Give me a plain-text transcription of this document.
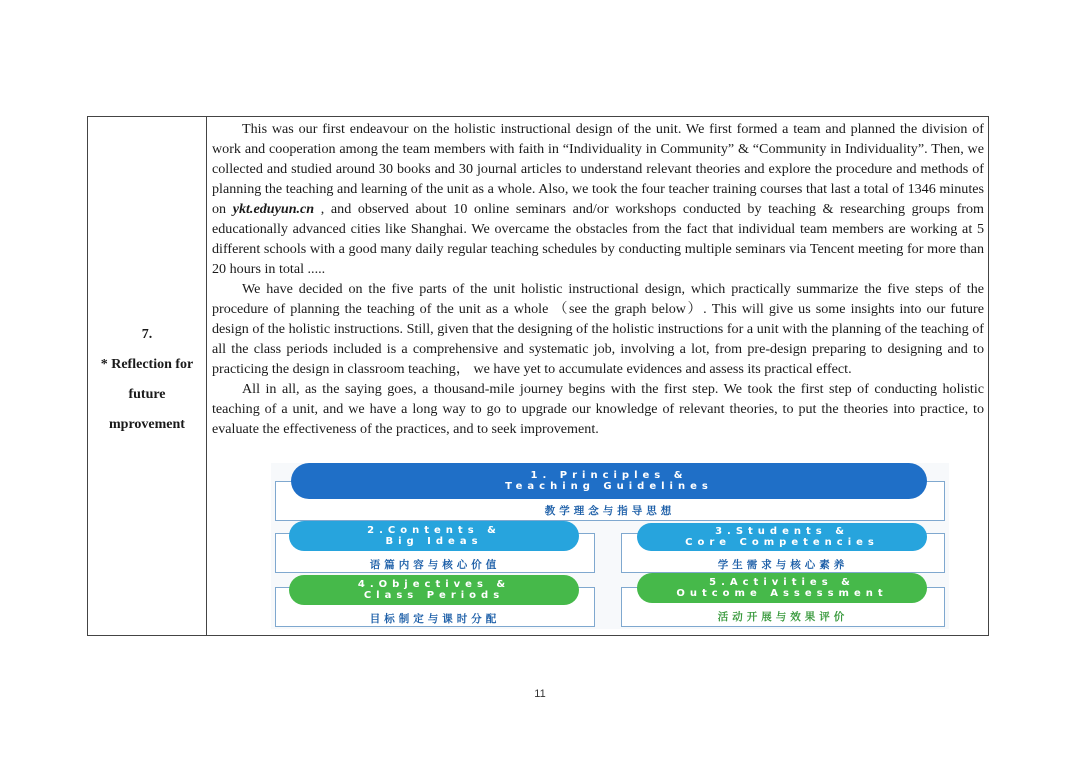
7.
* Reflection for
future
mprovement

This was our first endeavour on the holistic instructional design of the unit. We first formed a team and planned the division of work and cooperation among the team members with faith in “Individuality in Community” & “Community in Individuality”. Then, we collected and studied around 30 books and 30 journal articles to understand relevant theories and explore the procedure and methods of planning the teaching and learning of the unit as a whole. Also, we took the four teacher training courses that last a total of 1346 minutes on ykt.eduyun.cn , and observed about 10 online seminars and/or workshops conducted by teaching & researching groups from educationally advanced cities like Shanghai. We overcame the obstacles from the fact that individual team members are working at 5 different schools with a good many daily regular teaching schedules by conducting multiple seminars via Tencent meeting for more than 20 hours in total .....

We have decided on the five parts of the unit holistic instructional design, which practically summarize the five steps of the procedure of planning the teaching of the unit as a whole （see the graph below）. This will give us some insights into our future design of the holistic instructions. Still, given that the designing of the holistic instructions for a unit with the planning of the teaching of all the class periods included is a comprehensive and systematic job, involving a lot, from pre-design preparing to designing and to practicing the design in classroom teaching， we have yet to accumulate evidences and assess its practical effect.

All in all, as the saying goes, a thousand-mile journey begins with the first step. We took the first step of conducting holistic teaching of a unit, and we have a long way to go to upgrade our knowledge of relevant theories, to put the theories into practice, to evaluate the effectiveness of the practices, and to seek improvement.

1. Principles &
Teaching Guidelines
教学理念与指导思想
2.Contents &
Big Ideas
语篇内容与核心价值
3.Students &
Core Competencies
学生需求与核心素养
4.Objectives &
Class Periods
目标制定与课时分配
5.Activities &
Outcome Assessment
活动开展与效果评价
11
